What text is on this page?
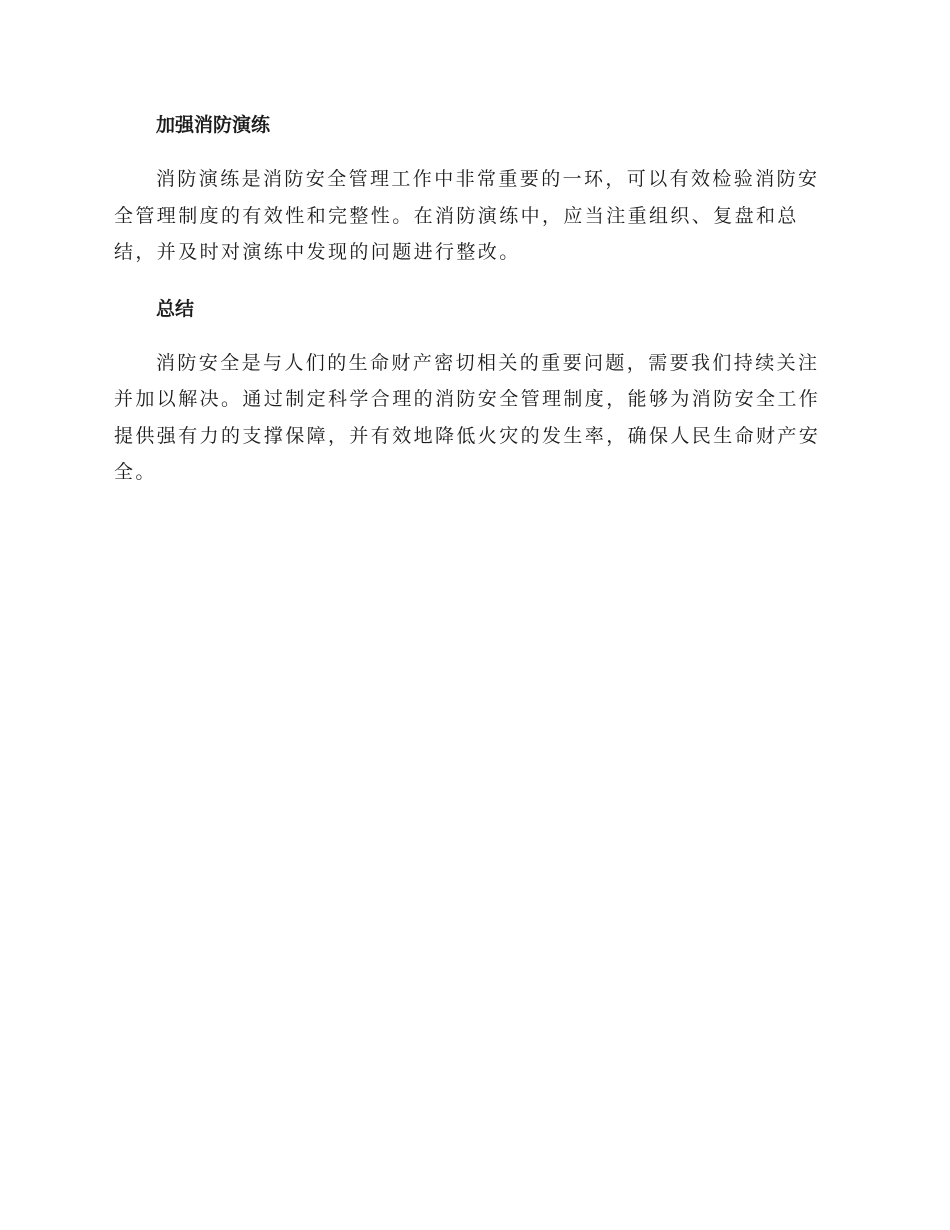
加强消防演练

消防演练是消防安全管理工作中非常重要的一环，可以有效检验消防安全管理制度的有效性和完整性。在消防演练中，应当注重组织、复盘和总结，并及时对演练中发现的问题进行整改。

总结

消防安全是与人们的生命财产密切相关的重要问题，需要我们持续关注并加以解决。通过制定科学合理的消防安全管理制度，能够为消防安全工作提供强有力的支撑保障，并有效地降低火灾的发生率，确保人民生命财产安全。
